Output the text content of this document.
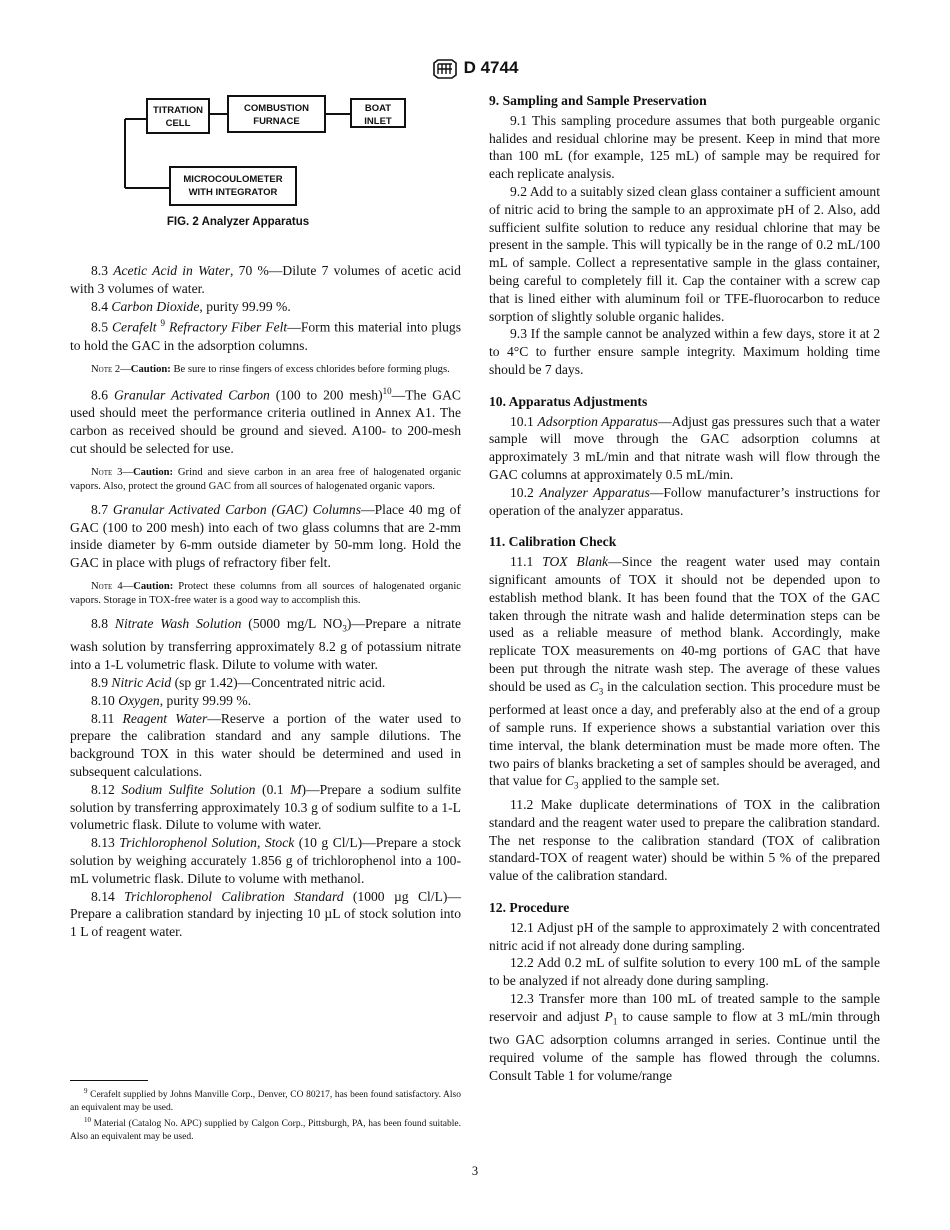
D 4744
TITRATION CELL
COMBUSTION FURNACE
BOAT INLET
MICROCOULOMETER WITH INTEGRATOR
FIG. 2 Analyzer Apparatus

8.3 Acetic Acid in Water, 70 %—Dilute 7 volumes of acetic acid with 3 volumes of water.

8.4 Carbon Dioxide, purity 99.99 %.

8.5 Cerafelt $^9$ Refractory Fiber Felt—Form this material into plugs to hold the GAC in the adsorption columns.

Note 2—Caution: Be sure to rinse fingers of excess chlorides before forming plugs.

8.6 Granular Activated Carbon (100 to 200 mesh)$^{10}$—The GAC used should meet the performance criteria outlined in Annex A1. The carbon as received should be ground and sieved. A100- to 200-mesh cut should be selected for use.

Note 3—Caution: Grind and sieve carbon in an area free of halogenated organic vapors. Also, protect the ground GAC from all sources of halogenated organic vapors.

8.7 Granular Activated Carbon (GAC) Columns—Place 40 mg of GAC (100 to 200 mesh) into each of two glass columns that are 2-mm inside diameter by 6-mm outside diameter by 50-mm long. Hold the GAC in place with plugs of refractory fiber felt.

Note 4—Caution: Protect these columns from all sources of halogenated organic vapors. Storage in TOX-free water is a good way to accomplish this.

8.8 Nitrate Wash Solution (5000 mg/L $NO_3)—Prepare$ a nitrate wash solution by transferring approximately 8.2 g of potassium nitrate into a 1-L volumetric flask. Dilute to volume with water.

8.9 Nitric Acid (sp gr 1.42)—Concentrated nitric acid.

8.10 Oxygen, purity 99.99 %.

8.11 Reagent Water—Reserve a portion of the water used to prepare the calibration standard and any sample dilutions. The background TOX in this water should be determined and used in subsequent calculations.

8.12 Sodium Sulfite Solution (0.1 M)—Prepare a sodium sulfite solution by transferring approximately 10.3 g of sodium sulfite to a 1-L volumetric flask. Dilute to volume with water.

8.13 Trichlorophenol Solution, Stock (10 g Cl/L)—Prepare a stock solution by weighing accurately 1.856 g of trichlorophenol into a 100-mL volumetric flask. Dilute to volume with methanol.

8.14 Trichlorophenol Calibration Standard (1000 µg Cl/L)—Prepare a calibration standard by injecting 10 µL of stock solution into 1 L of reagent water.

$^9$ Cerafelt supplied by Johns Manville Corp., Denver, CO 80217, has been found satisfactory. Also an equivalent may be used.

$^{10}$ Material (Catalog No. APC) supplied by Calgon Corp., Pittsburgh, PA, has been found suitable. Also an equivalent may be used.

9. Sampling and Sample Preservation

9.1 This sampling procedure assumes that both purgeable organic halides and residual chlorine may be present. Keep in mind that more than 100 mL (for example, 125 mL) of sample may be required for each replicate analysis.

9.2 Add to a suitably sized clean glass container a sufficient amount of nitric acid to bring the sample to an approximate pH of 2. Also, add sufficient sulfite solution to reduce any residual chlorine that may be present in the sample. This will typically be in the range of 0.2 mL/100 mL of sample. Collect a representative sample in the glass container, being careful to completely fill it. Cap the container with a screw cap that is lined either with aluminum foil or TFE-fluorocarbon to reduce sorption of slightly soluble organic halides.

9.3 If the sample cannot be analyzed within a few days, store it at 2 to 4°C to further ensure sample integrity. Maximum holding time should be 7 days.

10. Apparatus Adjustments

10.1 Adsorption Apparatus—Adjust gas pressures such that a water sample will move through the GAC adsorption columns at approximately 3 mL/min and that nitrate wash will flow through the GAC columns at approximately 0.5 mL/min.

10.2 Analyzer Apparatus—Follow manufacturer’s instructions for operation of the analyzer apparatus.

11. Calibration Check

11.1 TOX Blank—Since the reagent water used may contain significant amounts of TOX it should not be depended upon to establish method blank. It has been found that the TOX of the GAC taken through the nitrate wash and halide determination steps can be used as a reliable measure of method blank. Accordingly, make replicate TOX measurements on 40-mg portions of GAC that have been put through the nitrate wash step. The average of these values should be used as $C_3$ in the calculation section. This procedure must be performed at least once a day, and preferably also at the end of a group of sample runs. If experience shows a substantial variation over this time interval, the blank determination must be made more often. The two pairs of blanks bracketing a set of samples should be averaged, and that value for $C_3$ applied to the sample set.

11.2 Make duplicate determinations of TOX in the calibration standard and the reagent water used to prepare the calibration standard. The net response to the calibration standard (TOX of calibration standard-TOX of reagent water) should be within 5 % of the prepared value of the calibration standard.

12. Procedure

12.1 Adjust pH of the sample to approximately 2 with concentrated nitric acid if not already done during sampling.

12.2 Add 0.2 mL of sulfite solution to every 100 mL of the sample to be analyzed if not already done during sampling.

12.3 Transfer more than 100 mL of treated sample to the sample reservoir and adjust $P_1$ to cause sample to flow at 3 mL/min through two GAC adsorption columns arranged in series. Continue until the required volume of the sample has flowed through the columns. Consult Table 1 for volume/range

3
